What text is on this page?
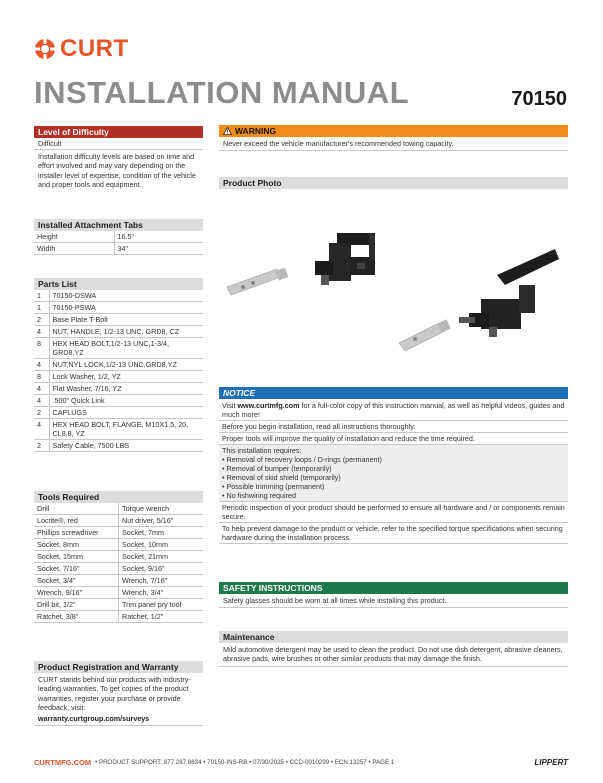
CURT
INSTALLATION MANUAL	70150
Level of Difficulty
Difficult
Installation difficulty levels are based on time and effort involved and may vary depending on the installer level of expertise, condition of the vehicle and proper tools and equipment.
Installed Attachment Tabs
Height	16.5"
Width	34"
Parts List
1	70150-DSWA
1	70150-PSWA
2	Base Plate T-Bolt
4	NUT, HANDLE, 1/2-13 UNC, GRD8, CZ
8	HEX HEAD BOLT,1/2-13 UNC,1-3/4, GRD8,YZ
4	NUT,NYL LOCK,1/2-13 UNC,GRD8,YZ
8	Lock Washer, 1/2, YZ
4	Flat Washer, 7/16, YZ
4	.500" Quick Link
2	CAPLUGS
4	HEX HEAD BOLT, FLANGE, M10X1.5, 20, CL8.8, YZ
2	Safety Cable, 7500 LBS
Tools Required
Drill	Torque wrench
Loctite®, red	Nut driver, 5/16"
Phillips screwdriver	Socket, 7mm
Socket, 8mm	Socket, 10mm
Socket, 15mm	Socket, 21mm
Socket, 7/16"	Socket, 9/16"
Socket, 3/4"	Wrench, 7/16"
Wrench, 9/16"	Wrench, 3/4"
Drill bit, 1/2"	Trim panel pry tool
Ratchet, 3/8"	Ratchet, 1/2"
Product Registration and Warranty
CURT stands behind our products with industry-leading warranties. To get copies of the product warranties, register your purchase or provide feedback, visit:
warranty.curtgroup.com/surveys
WARNING
Never exceed the vehicle manufacturer's recommended towing capacity.
Product Photo
NOTICE
Visit www.curtmfg.com for a full-color copy of this instruction manual, as well as helpful videos, guides and much more!
Before you begin installation, read all instructions thoroughly.
Proper tools will improve the quality of installation and reduce the time required.
This installation requires:
• Removal of recovery loops / D-rings (permanent)
• Removal of bumper (temporarily)
• Removal of skid shield (temporarily)
• Possible trimming (permanent)
• No fishwiring required
Periodic inspection of your product should be performed to ensure all hardware and / or components remain secure.
To help prevent damage to the product or vehicle, refer to the specified torque specifications when securing hardware during the installation process.
SAFETY INSTRUCTIONS
Safety glasses should be worn at all times while installing this product.
Maintenance
Mild automotive detergent may be used to clean the product. Do not use dish detergent, abrasive cleaners, abrasive pads, wire brushes or other similar products that may damage the finish.
CURTMFG.COM • PRODUCT SUPPORT: 877.287.8634 • 70150-INS-RB • 07/30/2025 • CCD-0010299 • ECN 13257 • PAGE 1	LIPPERT
